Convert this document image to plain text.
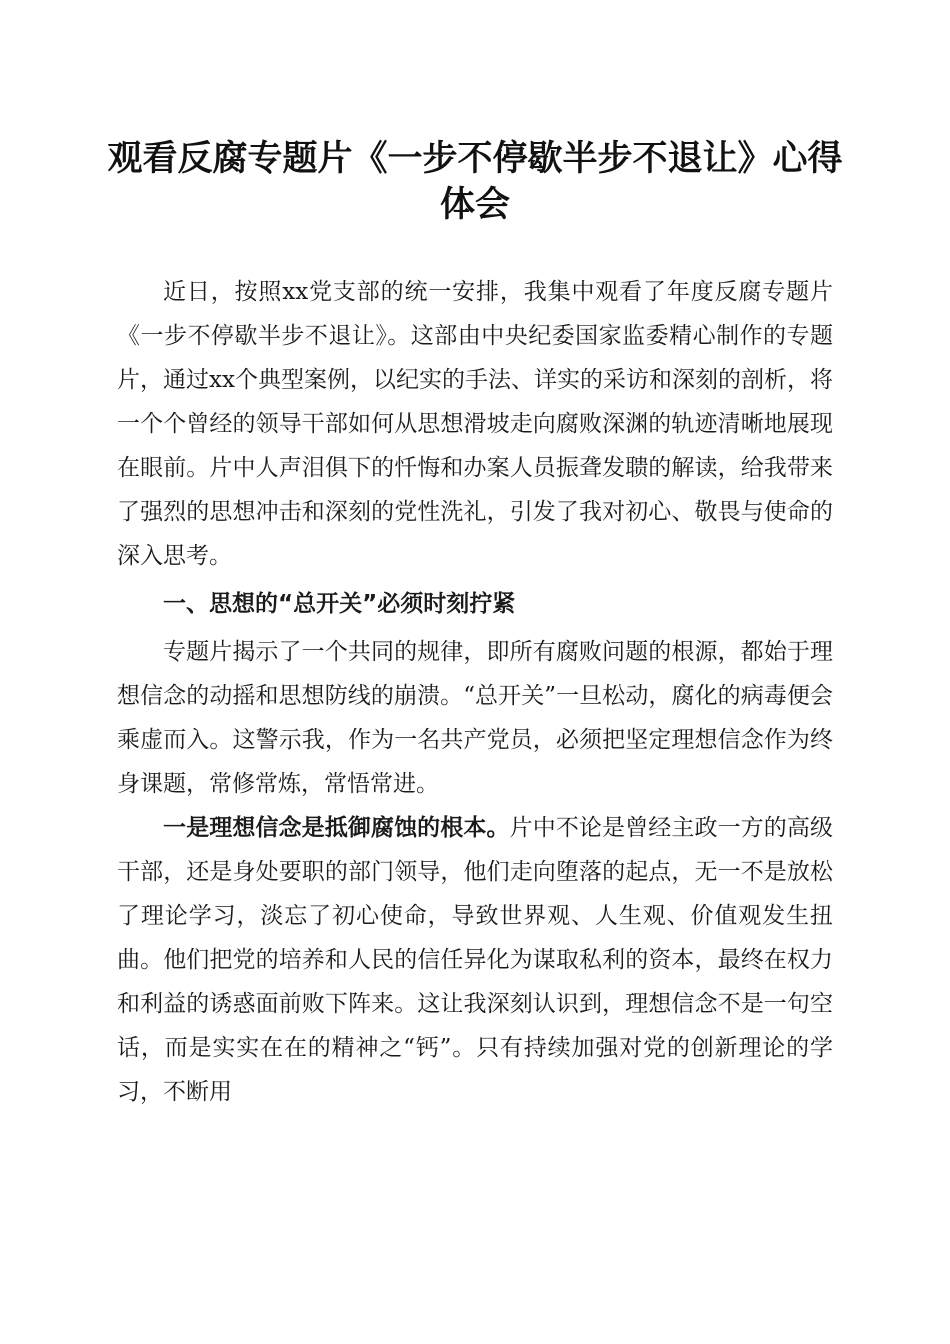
观看反腐专题片《一步不停歇半步不退让》心得体会

近日，按照xx党支部的统一安排，我集中观看了年度反腐专题片《一步不停歇半步不退让》。这部由中央纪委国家监委精心制作的专题片，通过xx个典型案例，以纪实的手法、详实的采访和深刻的剖析，将一个个曾经的领导干部如何从思想滑坡走向腐败深渊的轨迹清晰地展现在眼前。片中人声泪俱下的忏悔和办案人员振聋发聩的解读，给我带来了强烈的思想冲击和深刻的党性洗礼，引发了我对初心、敬畏与使命的深入思考。

一、思想的“总开关”必须时刻拧紧

专题片揭示了一个共同的规律，即所有腐败问题的根源，都始于理想信念的动摇和思想防线的崩溃。“总开关”一旦松动，腐化的病毒便会乘虚而入。这警示我，作为一名共产党员，必须把坚定理想信念作为终身课题，常修常炼，常悟常进。

一是理想信念是抵御腐蚀的根本。片中不论是曾经主政一方的高级干部，还是身处要职的部门领导，他们走向堕落的起点，无一不是放松了理论学习，淡忘了初心使命，导致世界观、人生观、价值观发生扭曲。他们把党的培养和人民的信任异化为谋取私利的资本，最终在权力和利益的诱惑面前败下阵来。这让我深刻认识到，理想信念不是一句空话，而是实实在在的精神之“钙”。只有持续加强对党的创新理论的学习，不断用
